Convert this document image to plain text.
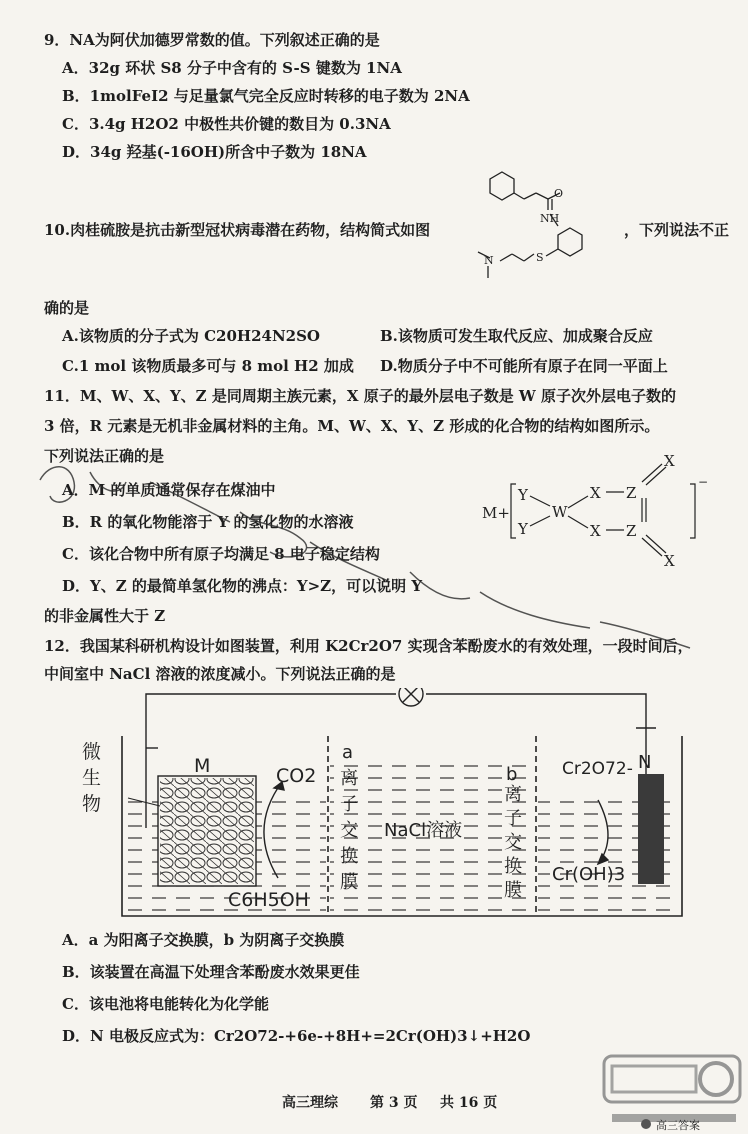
9．NA为阿伏加德罗常数的值。下列叙述正确的是
A．32g 环状 S8 分子中含有的 S-S 键数为 1NA
B．1molFeI2 与足量氯气完全反应时转移的电子数为 2NA
C．3.4g H2O2 中极性共价键的数目为 0.3NA
D．34g 羟基(-16OH)所含中子数为 18NA
10.肉桂硫胺是抗击新型冠状病毒潜在药物，结构简式如图
O
NH
S
N
，下列说法不正
确的是
A.该物质的分子式为 C20H24N2SO	B.该物质可发生取代反应、加成聚合反应
C.1 mol 该物质最多可与 8 mol H2 加成 D.物质分子中不可能所有原子在同一平面上
11．M、W、X、Y、Z 是同周期主族元素，X 原子的最外层电子数是 W 原子次外层电子数的
3 倍，R 元素是无机非金属材料的主角。M、W、X、Y、Z 形成的化合物的结构如图所示。
下列说法正确的是
A．M 的单质通常保存在煤油中
B．R 的氧化物能溶于 Y 的氢化物的水溶液
C．该化合物中所有原子均满足 8 电子稳定结构
D．Y、Z 的最简单氢化物的沸点：Y>Z，可以说明 Y
的非金属性大于 Z
M+
Y
Y
W
X
X
Z
Z
X
X
−
12．我国某科研机构设计如图装置，利用 K2Cr2O7 实现含苯酚废水的有效处理，一段时间后，
中间室中 NaCl 溶液的浓度减小。下列说法正确的是
微
生
物
M	CO2
C6H5OH
a
离
子
交
换
膜
NaCl溶液
b
离
子
交
换
膜
Cr2O72- N
Cr(OH)3
A．a 为阳离子交换膜，b 为阴离子交换膜
B．该装置在高温下处理含苯酚废水效果更佳
C．该电池将电能转化为化学能
D．N 电极反应式为：Cr2O72-+6e-+8H+=2Cr(OH)3↓+H2O
高三理综 第 3 页 共 16 页
高三答案
